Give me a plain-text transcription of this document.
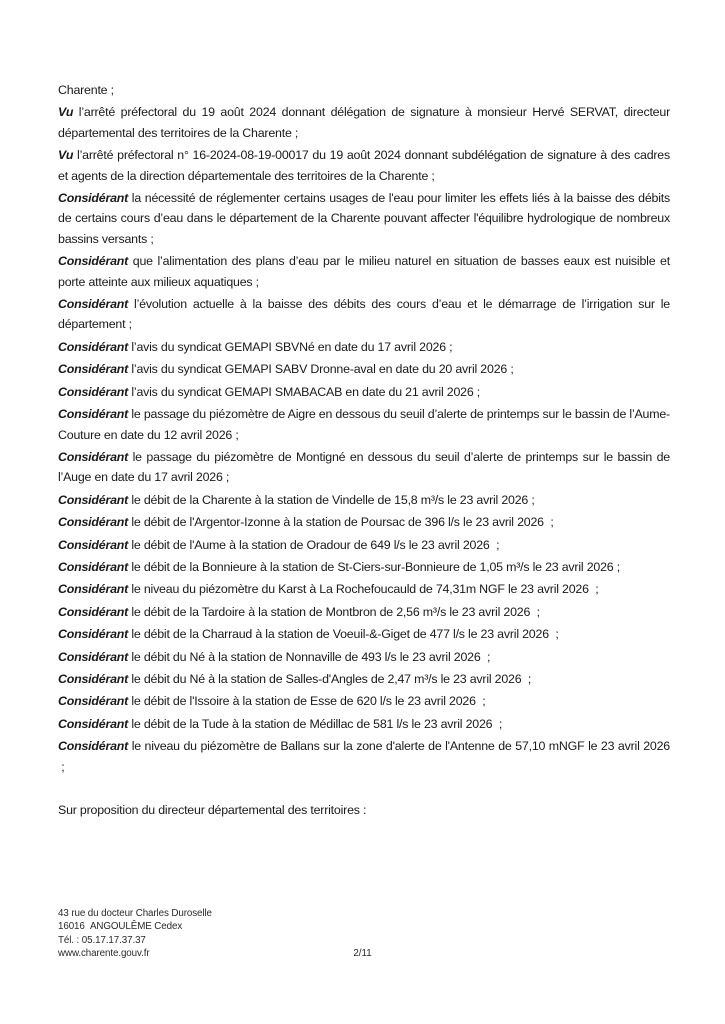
Charente ;

Vu l’arrêté préfectoral du 19 août 2024 donnant délégation de signature à monsieur Hervé SERVAT, directeur départemental des territoires de la Charente ;

Vu l’arrêté préfectoral n° 16-2024-08-19-00017 du 19 août 2024 donnant subdélégation de signature à des cadres et agents de la direction départementale des territoires de la Charente ;

Considérant la nécessité de réglementer certains usages de l'eau pour limiter les effets liés à la baisse des débits de certains cours d’eau dans le département de la Charente pouvant affecter l'équilibre hydrologique de nombreux bassins versants ;

Considérant que l’alimentation des plans d’eau par le milieu naturel en situation de basses eaux est nuisible et porte atteinte aux milieux aquatiques ;

Considérant l’évolution actuelle à la baisse des débits des cours d’eau et le démarrage de l’irrigation sur le département ;

Considérant l’avis du syndicat GEMAPI SBVNé en date du 17 avril 2026 ;

Considérant l’avis du syndicat GEMAPI SABV Dronne-aval en date du 20 avril 2026 ;

Considérant l’avis du syndicat GEMAPI SMABACAB en date du 21 avril 2026 ;

Considérant le passage du piézomètre de Aigre en dessous du seuil d’alerte de printemps sur le bassin de l’Aume-Couture en date du 12 avril 2026 ;

Considérant le passage du piézomètre de Montigné en dessous du seuil d’alerte de printemps sur le bassin de l’Auge en date du 17 avril 2026 ;

Considérant le débit de la Charente à la station de Vindelle de 15,8 m³/s le 23 avril 2026 ;

Considérant le débit de l'Argentor-Izonne à la station de Poursac de 396 l/s le 23 avril 2026  ;

Considérant le débit de l'Aume à la station de Oradour de 649 l/s le 23 avril 2026  ;

Considérant le débit de la Bonnieure à la station de St-Ciers-sur-Bonnieure de 1,05 m³/s le 23 avril 2026 ;

Considérant le niveau du piézomètre du Karst à La Rochefoucauld de 74,31m NGF le 23 avril 2026  ;

Considérant le débit de la Tardoire à la station de Montbron de 2,56 m³/s le 23 avril 2026  ;

Considérant le débit de la Charraud à la station de Voeuil-&-Giget de 477 l/s le 23 avril 2026  ;

Considérant le débit du Né à la station de Nonnaville de 493 l/s le 23 avril 2026  ;

Considérant le débit du Né à la station de Salles-d'Angles de 2,47 m³/s le 23 avril 2026  ;

Considérant le débit de l'Issoire à la station de Esse de 620 l/s le 23 avril 2026  ;

Considérant le débit de la Tude à la station de Médillac de 581 l/s le 23 avril 2026  ;

Considérant le niveau du piézomètre de Ballans sur la zone d'alerte de l'Antenne de 57,10 mNGF le 23 avril 2026  ;

Sur proposition du directeur départemental des territoires :

43 rue du docteur Charles Duroselle
16016  ANGOULÊME Cedex
Tél. : 05.17.17.37.37
www.charente.gouv.fr	2/11
